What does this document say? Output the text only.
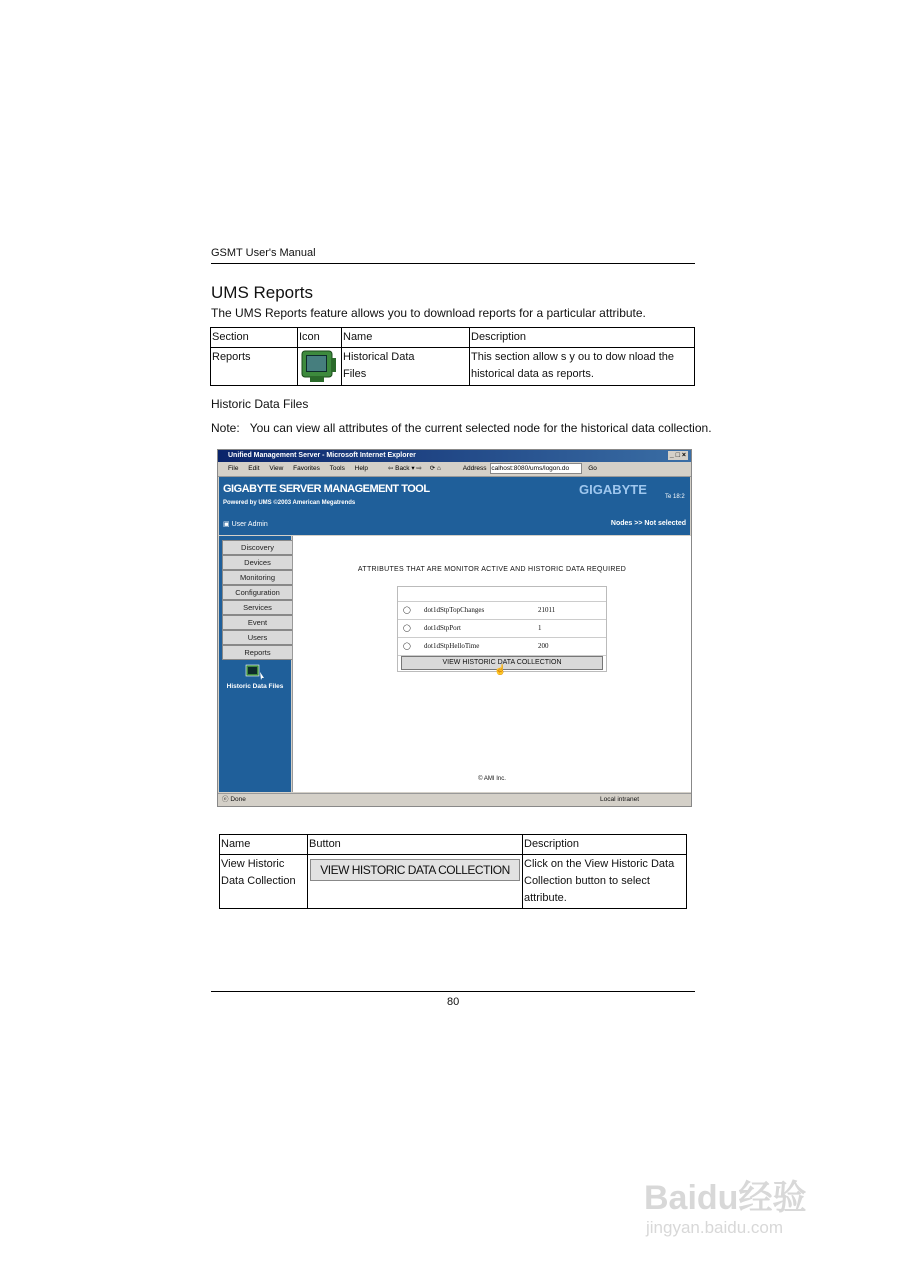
GSMT User's Manual
UMS Reports
The UMS Reports feature allows you to download reports for a particular attribute.
Section	Icon	Name	Description
Reports		Historical Data
Files	This section allow s y ou to dow nload the
historical data as reports.
Historic Data Files
Note: You can view all attributes of the current selected node for the historical data collection.
Unified Management Server - Microsoft Internet Explorer	_ □ ×
File Edit View Favorites Tools Help	⇦ Back ▾ ⇨ ⟳ ⌂	Address calhost:8080/ums/logon.do	Go
GIGABYTE SERVER MANAGEMENT TOOL
Powered by UMS ©2003 American Megatrends
GIGABYTE	Te 18:2
▣ User Admin	Nodes >> Not selected
Discovery
Devices
Monitoring
Configuration
Services
Event
Users
Reports
Historic Data Files
ATTRIBUTES THAT ARE MONITOR ACTIVE AND HISTORIC DATA REQUIRED
◯ dot1dStpTopChanges	21011
◯ dot1dStpPort	1
◯ dot1dStpHelloTime	200
VIEW HISTORIC DATA COLLECTION
☝
© AMI Inc.
ⓔ Done	Local intranet
Name	Button	Description
View Historic
Data Collection	VIEW HISTORIC DATA COLLECTION	Click on the View Historic Data
Collection button to select attribute.
80
Baidu经验
jingyan.baidu.com
